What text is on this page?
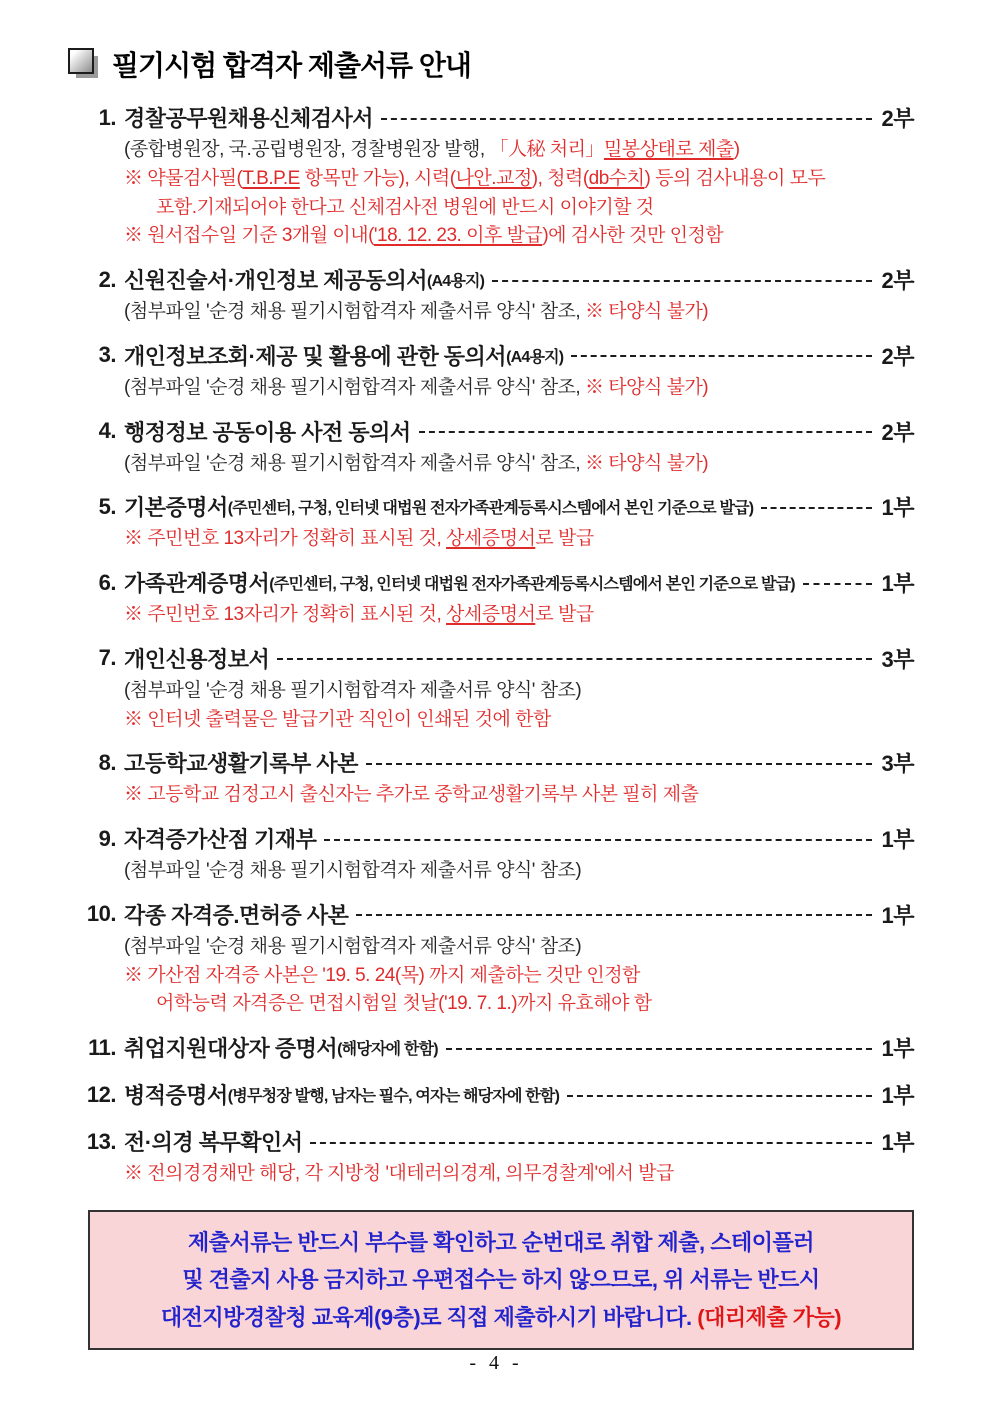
필기시험 합격자 제출서류 안내
1. 경찰공무원채용신체검사서	2부
(종합병원장, 국.공립병원장, 경찰병원장 발행, 「人秘 처리」밀봉상태로 제출)
※ 약물검사필(T.B.P.E 항목만 가능), 시력(나안.교정), 청력(db수치) 등의 검사내용이 모두
포함.기재되어야 한다고 신체검사전 병원에 반드시 이야기할 것
※ 원서접수일 기준 3개월 이내('18. 12. 23. 이후 발급)에 검사한 것만 인정함
2. 신원진술서·개인정보 제공동의서 (A4용지)	2부
(첨부파일 '순경 채용 필기시험합격자 제출서류 양식' 참조, ※ 타양식 불가)
3. 개인정보조회·제공 및 활용에 관한 동의서 (A4용지)	2부
(첨부파일 '순경 채용 필기시험합격자 제출서류 양식' 참조, ※ 타양식 불가)
4. 행정정보 공동이용 사전 동의서	2부
(첨부파일 '순경 채용 필기시험합격자 제출서류 양식' 참조, ※ 타양식 불가)
5. 기본증명서 (주민센터, 구청, 인터넷 대법원 전자가족관계등록시스템에서 본인 기준으로 발급)	1부
※ 주민번호 13자리가 정확히 표시된 것, 상세증명서로 발급
6. 가족관계증명서 (주민센터, 구청, 인터넷 대법원 전자가족관계등록시스템에서 본인 기준으로 발급)	1부
※ 주민번호 13자리가 정확히 표시된 것, 상세증명서로 발급
7. 개인신용정보서	3부
(첨부파일 '순경 채용 필기시험합격자 제출서류 양식' 참조)
※ 인터넷 출력물은 발급기관 직인이 인쇄된 것에 한함
8. 고등학교생활기록부 사본	3부
※ 고등학교 검정고시 출신자는 추가로 중학교생활기록부 사본 필히 제출
9. 자격증가산점 기재부	1부
(첨부파일 '순경 채용 필기시험합격자 제출서류 양식' 참조)
10. 각종 자격증.면허증 사본	1부
(첨부파일 '순경 채용 필기시험합격자 제출서류 양식' 참조)
※ 가산점 자격증 사본은 '19. 5. 24(목) 까지 제출하는 것만 인정함
어학능력 자격증은 면접시험일 첫날('19. 7. 1.)까지 유효해야 함
11. 취업지원대상자 증명서 (해당자에 한함)	1부
12. 병적증명서 (병무청장 발행, 남자는 필수, 여자는 해당자에 한함)	1부
13. 전·의경 복무확인서	1부
※ 전의경경채만 해당, 각 지방청 '대테러의경계, 의무경찰계'에서 발급
제출서류는 반드시 부수를 확인하고 순번대로 취합 제출, 스테이플러
및 견출지 사용 금지하고 우편접수는 하지 않으므로, 위 서류는 반드시
대전지방경찰청 교육계(9층)로 직접 제출하시기 바랍니다. (대리제출 가능)
- 4 -
